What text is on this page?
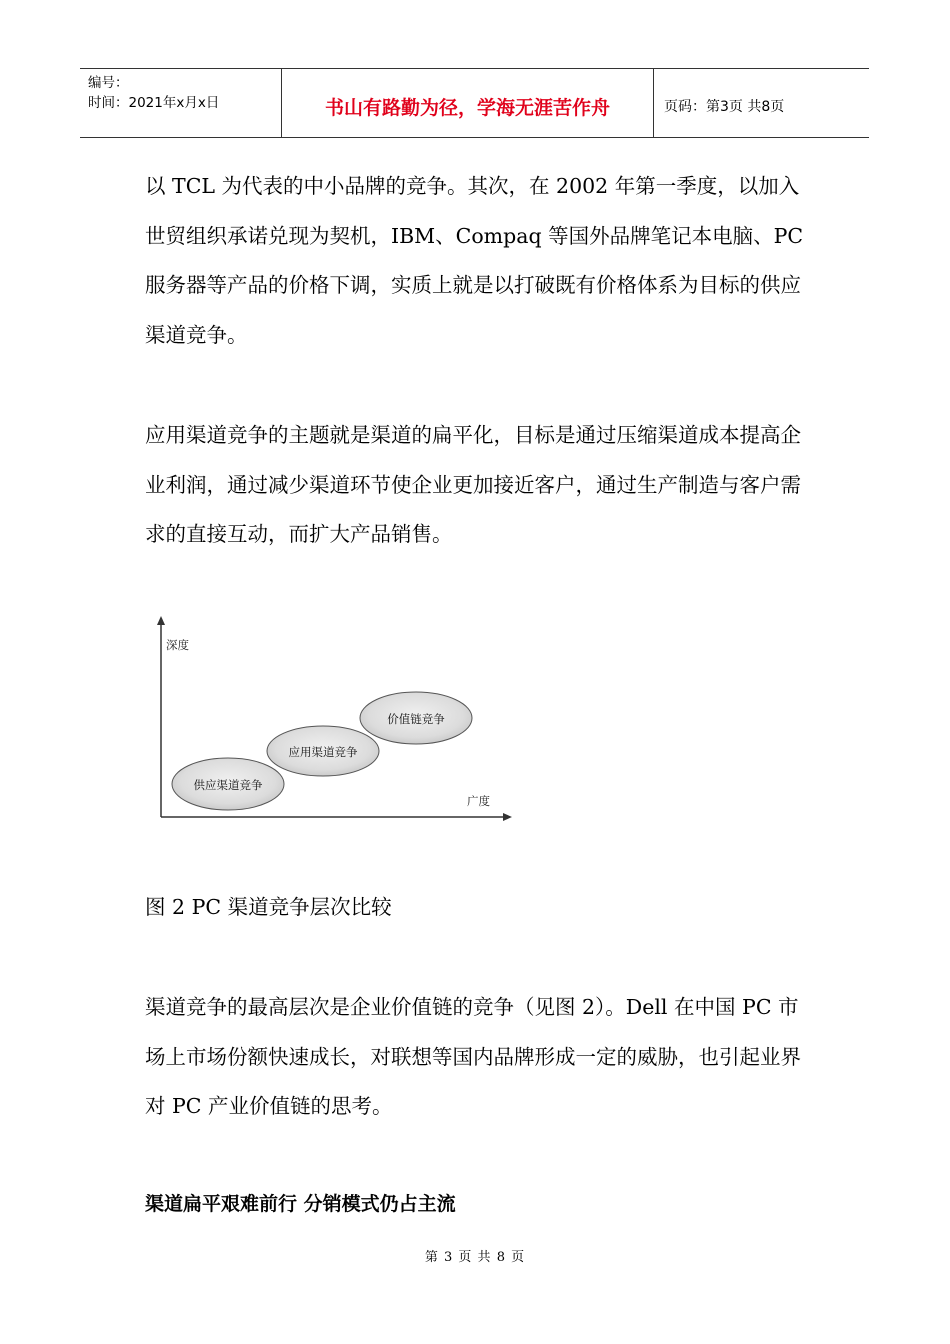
编号：
时间：2021年x月x日	书山有路勤为径，学海无涯苦作舟	页码：第3页 共8页

以 TCL 为代表的中小品牌的竞争。其次，在 2002 年第一季度，以加入世贸组织承诺兑现为契机，IBM、Compaq 等国外品牌笔记本电脑、PC 服务器等产品的价格下调，实质上就是以打破既有价格体系为目标的供应渠道竞争。

应用渠道竞争的主题就是渠道的扁平化，目标是通过压缩渠道成本提高企业利润，通过减少渠道环节使企业更加接近客户，通过生产制造与客户需求的直接互动，而扩大产品销售。

深度
广度
价值链竞争
应用渠道竞争
供应渠道竞争

图 2 PC 渠道竞争层次比较

渠道竞争的最高层次是企业价值链的竞争（见图 2）。Dell 在中国 PC 市场上市场份额快速成长，对联想等国内品牌形成一定的威胁，也引起业界对 PC 产业价值链的思考。

渠道扁平艰难前行 分销模式仍占主流

第 3 页 共 8 页
